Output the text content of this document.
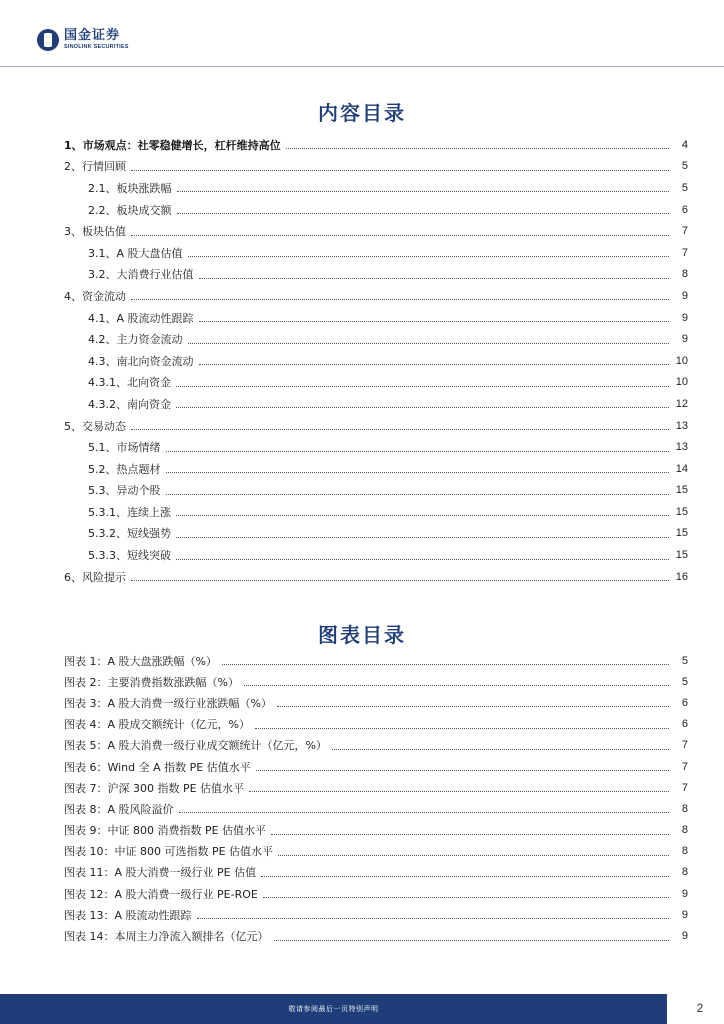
国金证券
SINOLINK SECURITIES
内容目录
1、市场观点：社零稳健增长，杠杆维持高位	4
2、行情回顾	5
2.1、板块涨跌幅	5
2.2、板块成交额	6
3、板块估值	7
3.1、A 股大盘估值	7
3.2、大消费行业估值	8
4、资金流动	9
4.1、A 股流动性跟踪	9
4.2、主力资金流动	9
4.3、南北向资金流动	10
4.3.1、北向资金	10
4.3.2、南向资金	12
5、交易动态	13
5.1、市场情绪	13
5.2、热点题材	14
5.3、异动个股	15
5.3.1、连续上涨	15
5.3.2、短线强势	15
5.3.3、短线突破	15
6、风险提示	16
图表目录
图表 1：A 股大盘涨跌幅（%）	5
图表 2：主要消费指数涨跌幅（%）	5
图表 3：A 股大消费一级行业涨跌幅（%）	6
图表 4：A 股成交额统计（亿元，%）	6
图表 5：A 股大消费一级行业成交额统计（亿元，%）	7
图表 6：Wind 全 A 指数 PE 估值水平	7
图表 7：沪深 300 指数 PE 估值水平	7
图表 8：A 股风险溢价	8
图表 9：中证 800 消费指数 PE 估值水平	8
图表 10：中证 800 可选指数 PE 估值水平	8
图表 11：A 股大消费一级行业 PE 估值	8
图表 12：A 股大消费一级行业 PE-ROE	9
图表 13：A 股流动性跟踪	9
图表 14：本周主力净流入额排名（亿元）	9
敬请参阅最后一页特别声明	2
